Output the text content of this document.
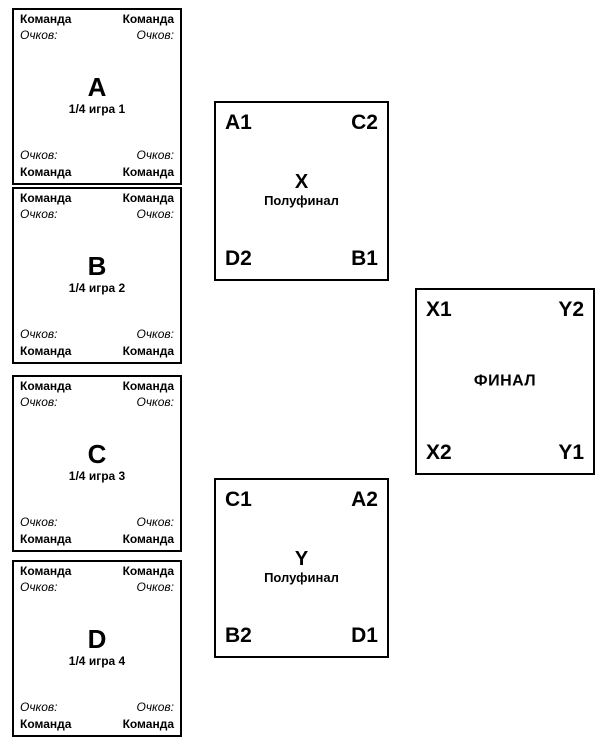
Команда	Команда
Очков:	Очков:
A
1/4 игра 1
Очков:	Очков:
Команда	Команда
Команда	Команда
Очков:	Очков:
B
1/4 игра 2
Очков:	Очков:
Команда	Команда
Команда	Команда
Очков:	Очков:
C
1/4 игра 3
Очков:	Очков:
Команда	Команда
Команда	Команда
Очков:	Очков:
D
1/4 игра 4
Очков:	Очков:
Команда	Команда
A1	C2
X
Полуфинал
D2	B1
C1	A2
Y
Полуфинал
B2	D1
X1	Y2
ФИНАЛ
X2	Y1
